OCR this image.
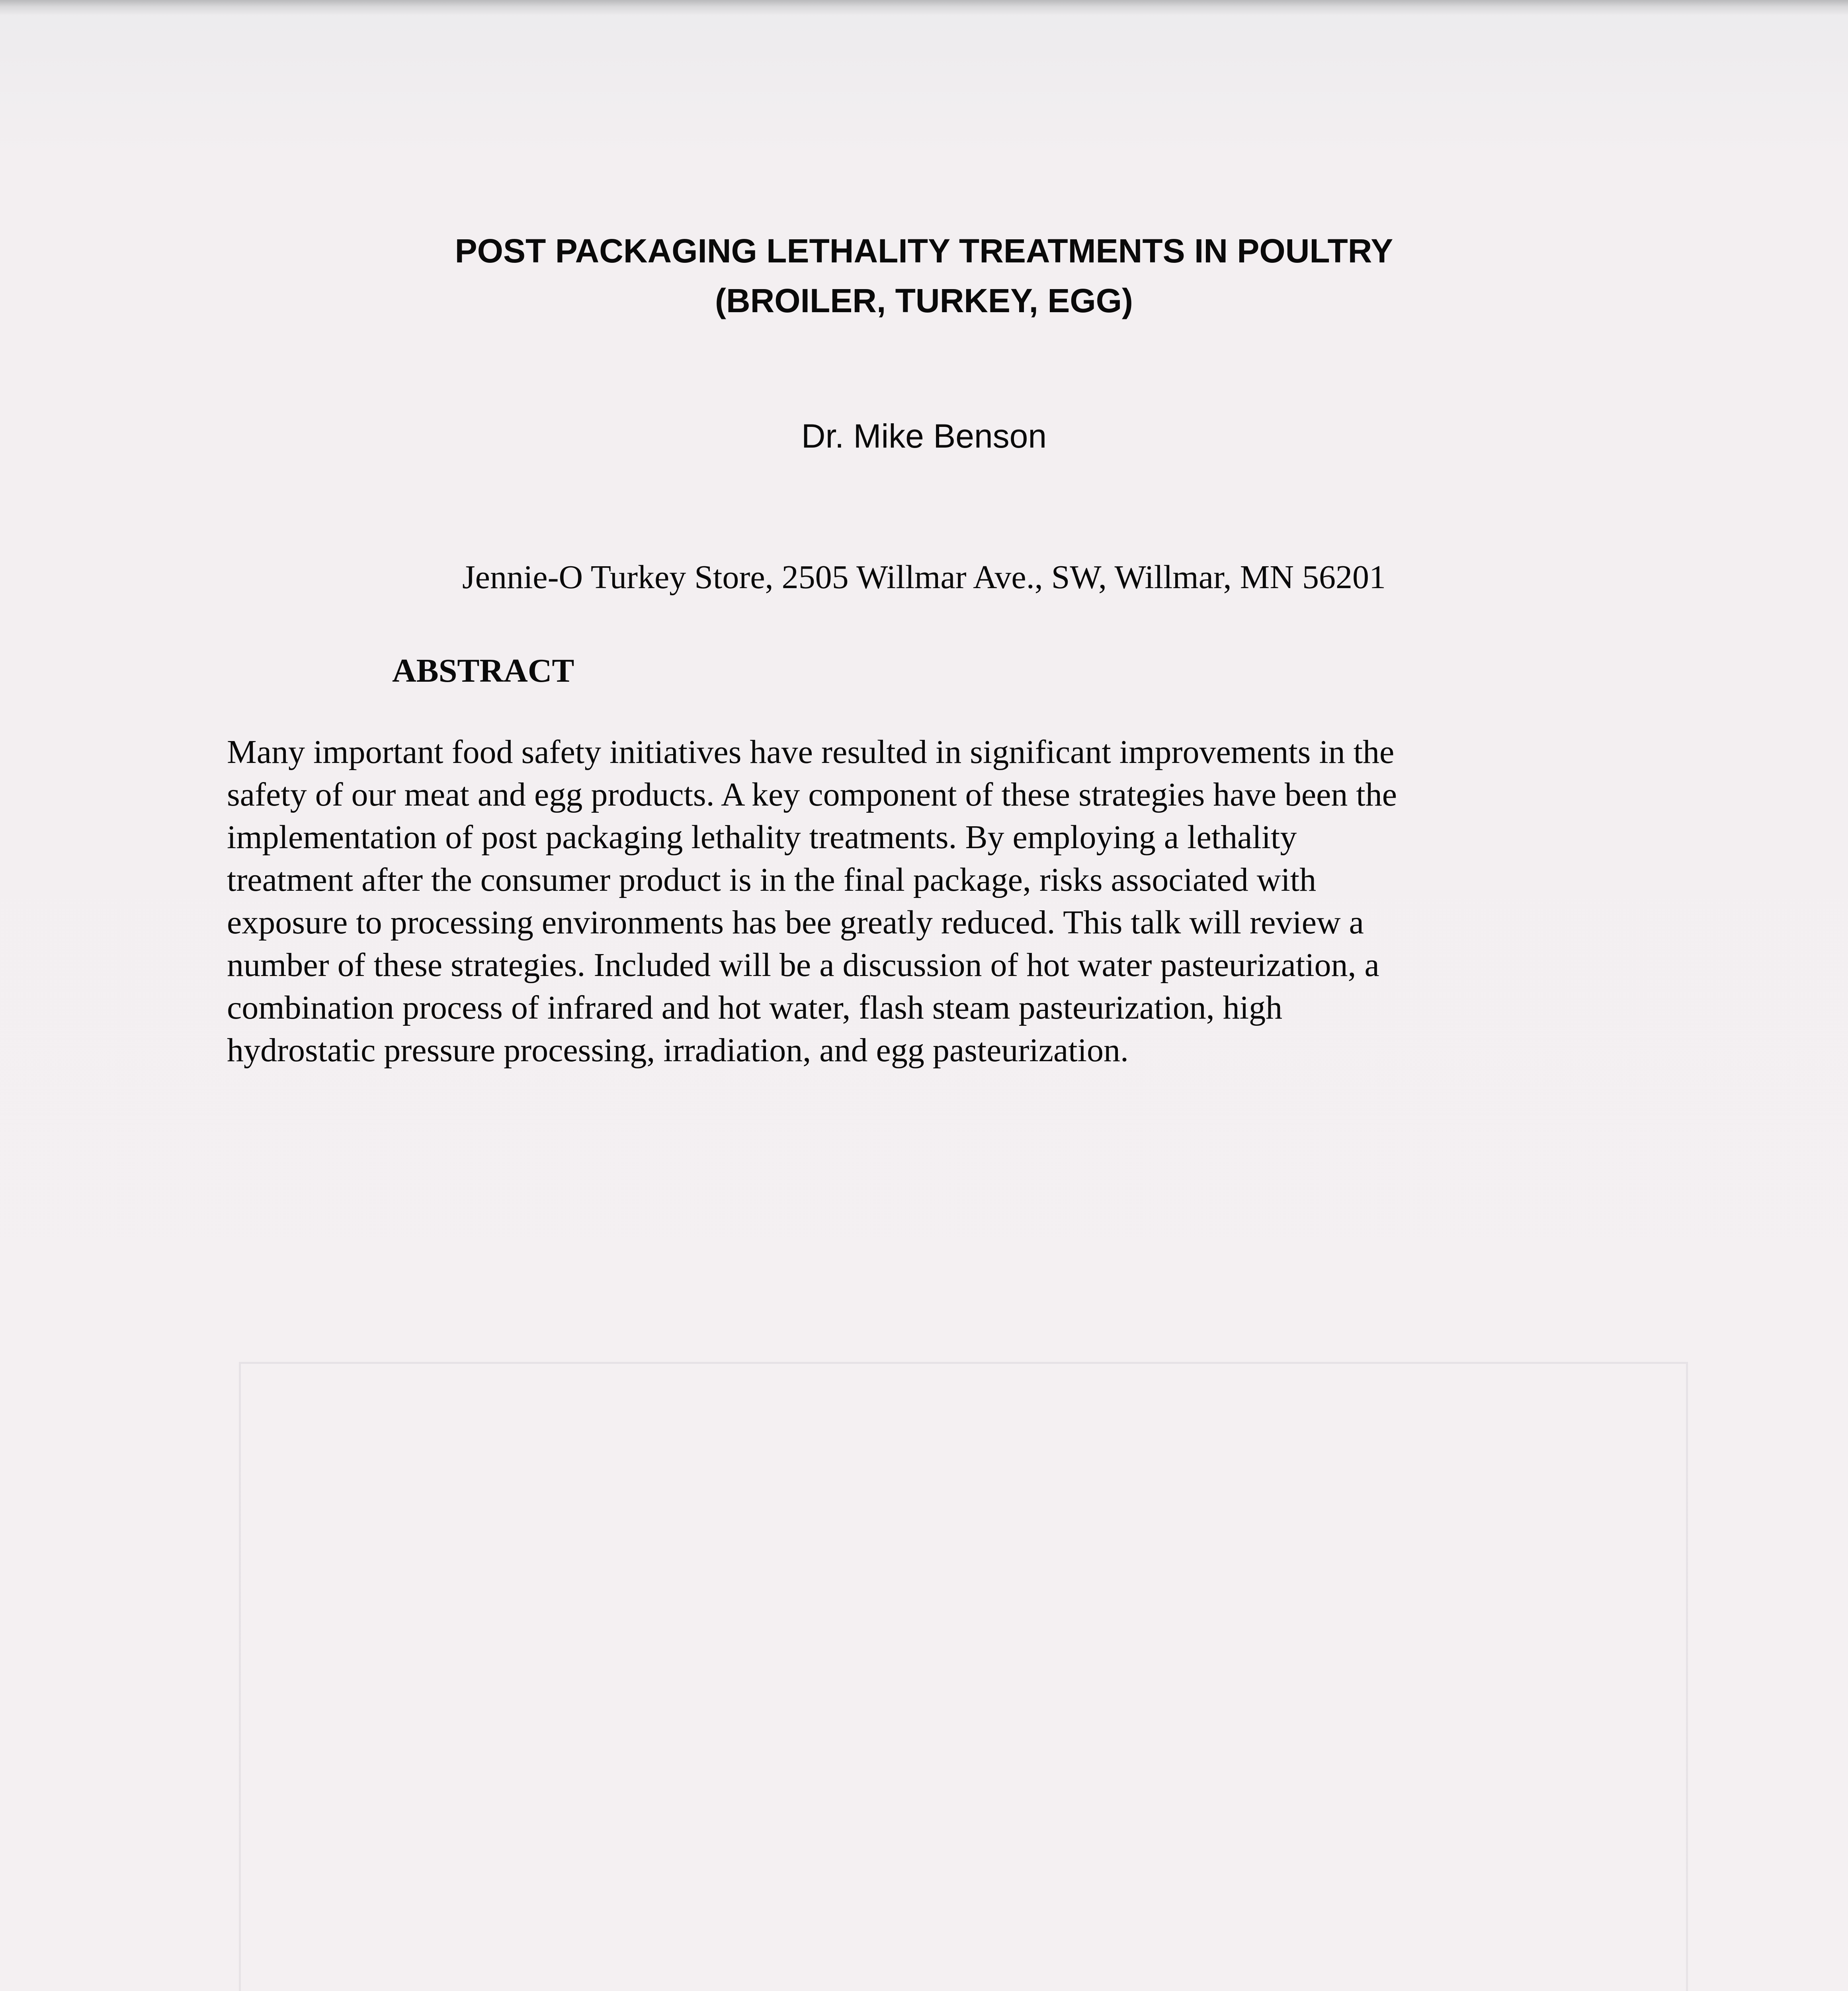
POST PACKAGING LETHALITY TREATMENTS IN POULTRY
(BROILER, TURKEY, EGG)
Dr. Mike Benson
Jennie-O Turkey Store, 2505 Willmar Ave., SW, Willmar, MN 56201
ABSTRACT
Many important food safety initiatives have resulted in significant improvements in the
safety of our meat and egg products. A key component of these strategies have been the
implementation of post packaging lethality treatments. By employing a lethality
treatment after the consumer product is in the final package, risks associated with
exposure to processing environments has bee greatly reduced. This talk will review a
number of these strategies. Included will be a discussion of hot water pasteurization, a
combination process of infrared and hot water, flash steam pasteurization, high
hydrostatic pressure processing, irradiation, and egg pasteurization.
